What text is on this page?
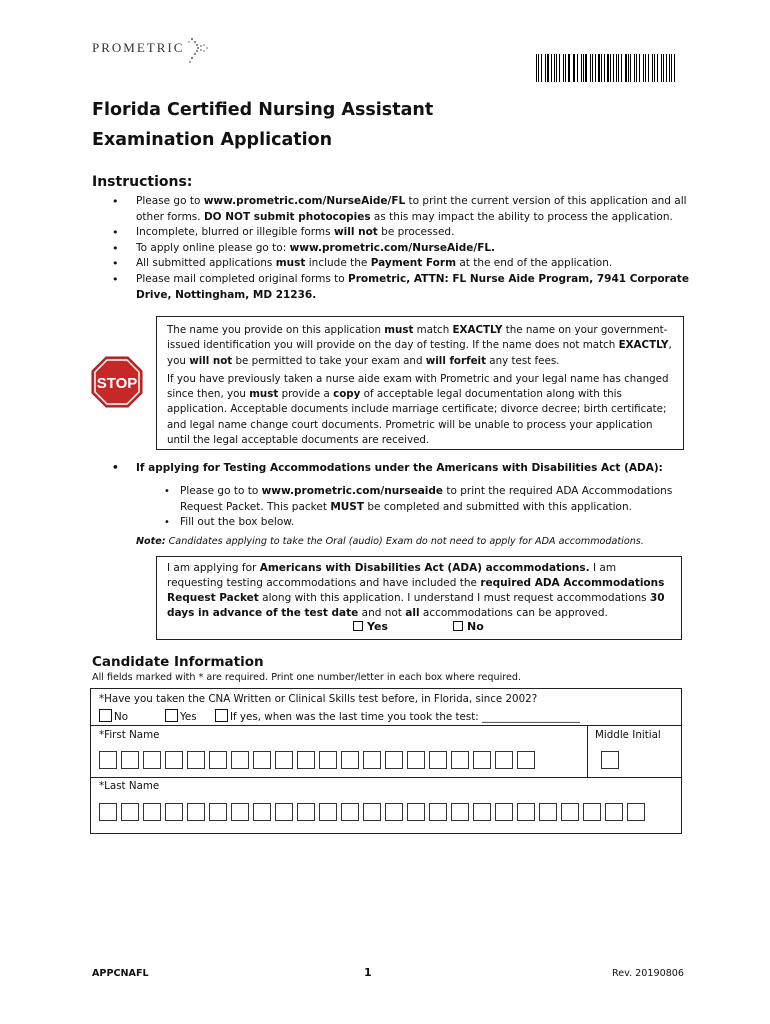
PROMETRIC
Florida Certified Nursing Assistant
Examination Application
Instructions:
• Please go to www.prometric.com/NurseAide/FL to print the current version of this application and all other forms. DO NOT submit photocopies as this may impact the ability to process the application.
• Incomplete, blurred or illegible forms will not be processed.
• To apply online please go to: www.prometric.com/NurseAide/FL.
• All submitted applications must include the Payment Form at the end of the application.
• Please mail completed original forms to Prometric, ATTN: FL Nurse Aide Program, 7941 Corporate Drive, Nottingham, MD 21236.
STOP

The name you provide on this application must match EXACTLY the name on your government-issued identification you will provide on the day of testing. If the name does not match EXACTLY, you will not be permitted to take your exam and will forfeit any test fees.

If you have previously taken a nurse aide exam with Prometric and your legal name has changed since then, you must provide a copy of acceptable legal documentation along with this application. Acceptable documents include marriage certificate; divorce decree; birth certificate; and legal name change court documents. Prometric will be unable to process your application until the legal acceptable documents are received.

• If applying for Testing Accommodations under the Americans with Disabilities Act (ADA):
• Please go to to www.prometric.com/nurseaide to print the required ADA Accommodations Request Packet. This packet MUST be completed and submitted with this application.
• Fill out the box below.
Note: Candidates applying to take the Oral (audio) Exam do not need to apply for ADA accommodations.

I am applying for Americans with Disabilities Act (ADA) accommodations. I am requesting testing accommodations and have included the required ADA Accommodations Request Packet along with this application. I understand I must request accommodations 30 days in advance of the test date and not all accommodations can be approved.

Yes	No
Candidate Information
All fields marked with * are required. Print one number/letter in each box where required.
*Have you taken the CNA Written or Clinical Skills test before, in Florida, since 2002?
No	Yes	If yes, when was the last time you took the test: ___________________
*First Name	Middle Initial
*Last Name
APPCNAFL	1	Rev. 20190806
